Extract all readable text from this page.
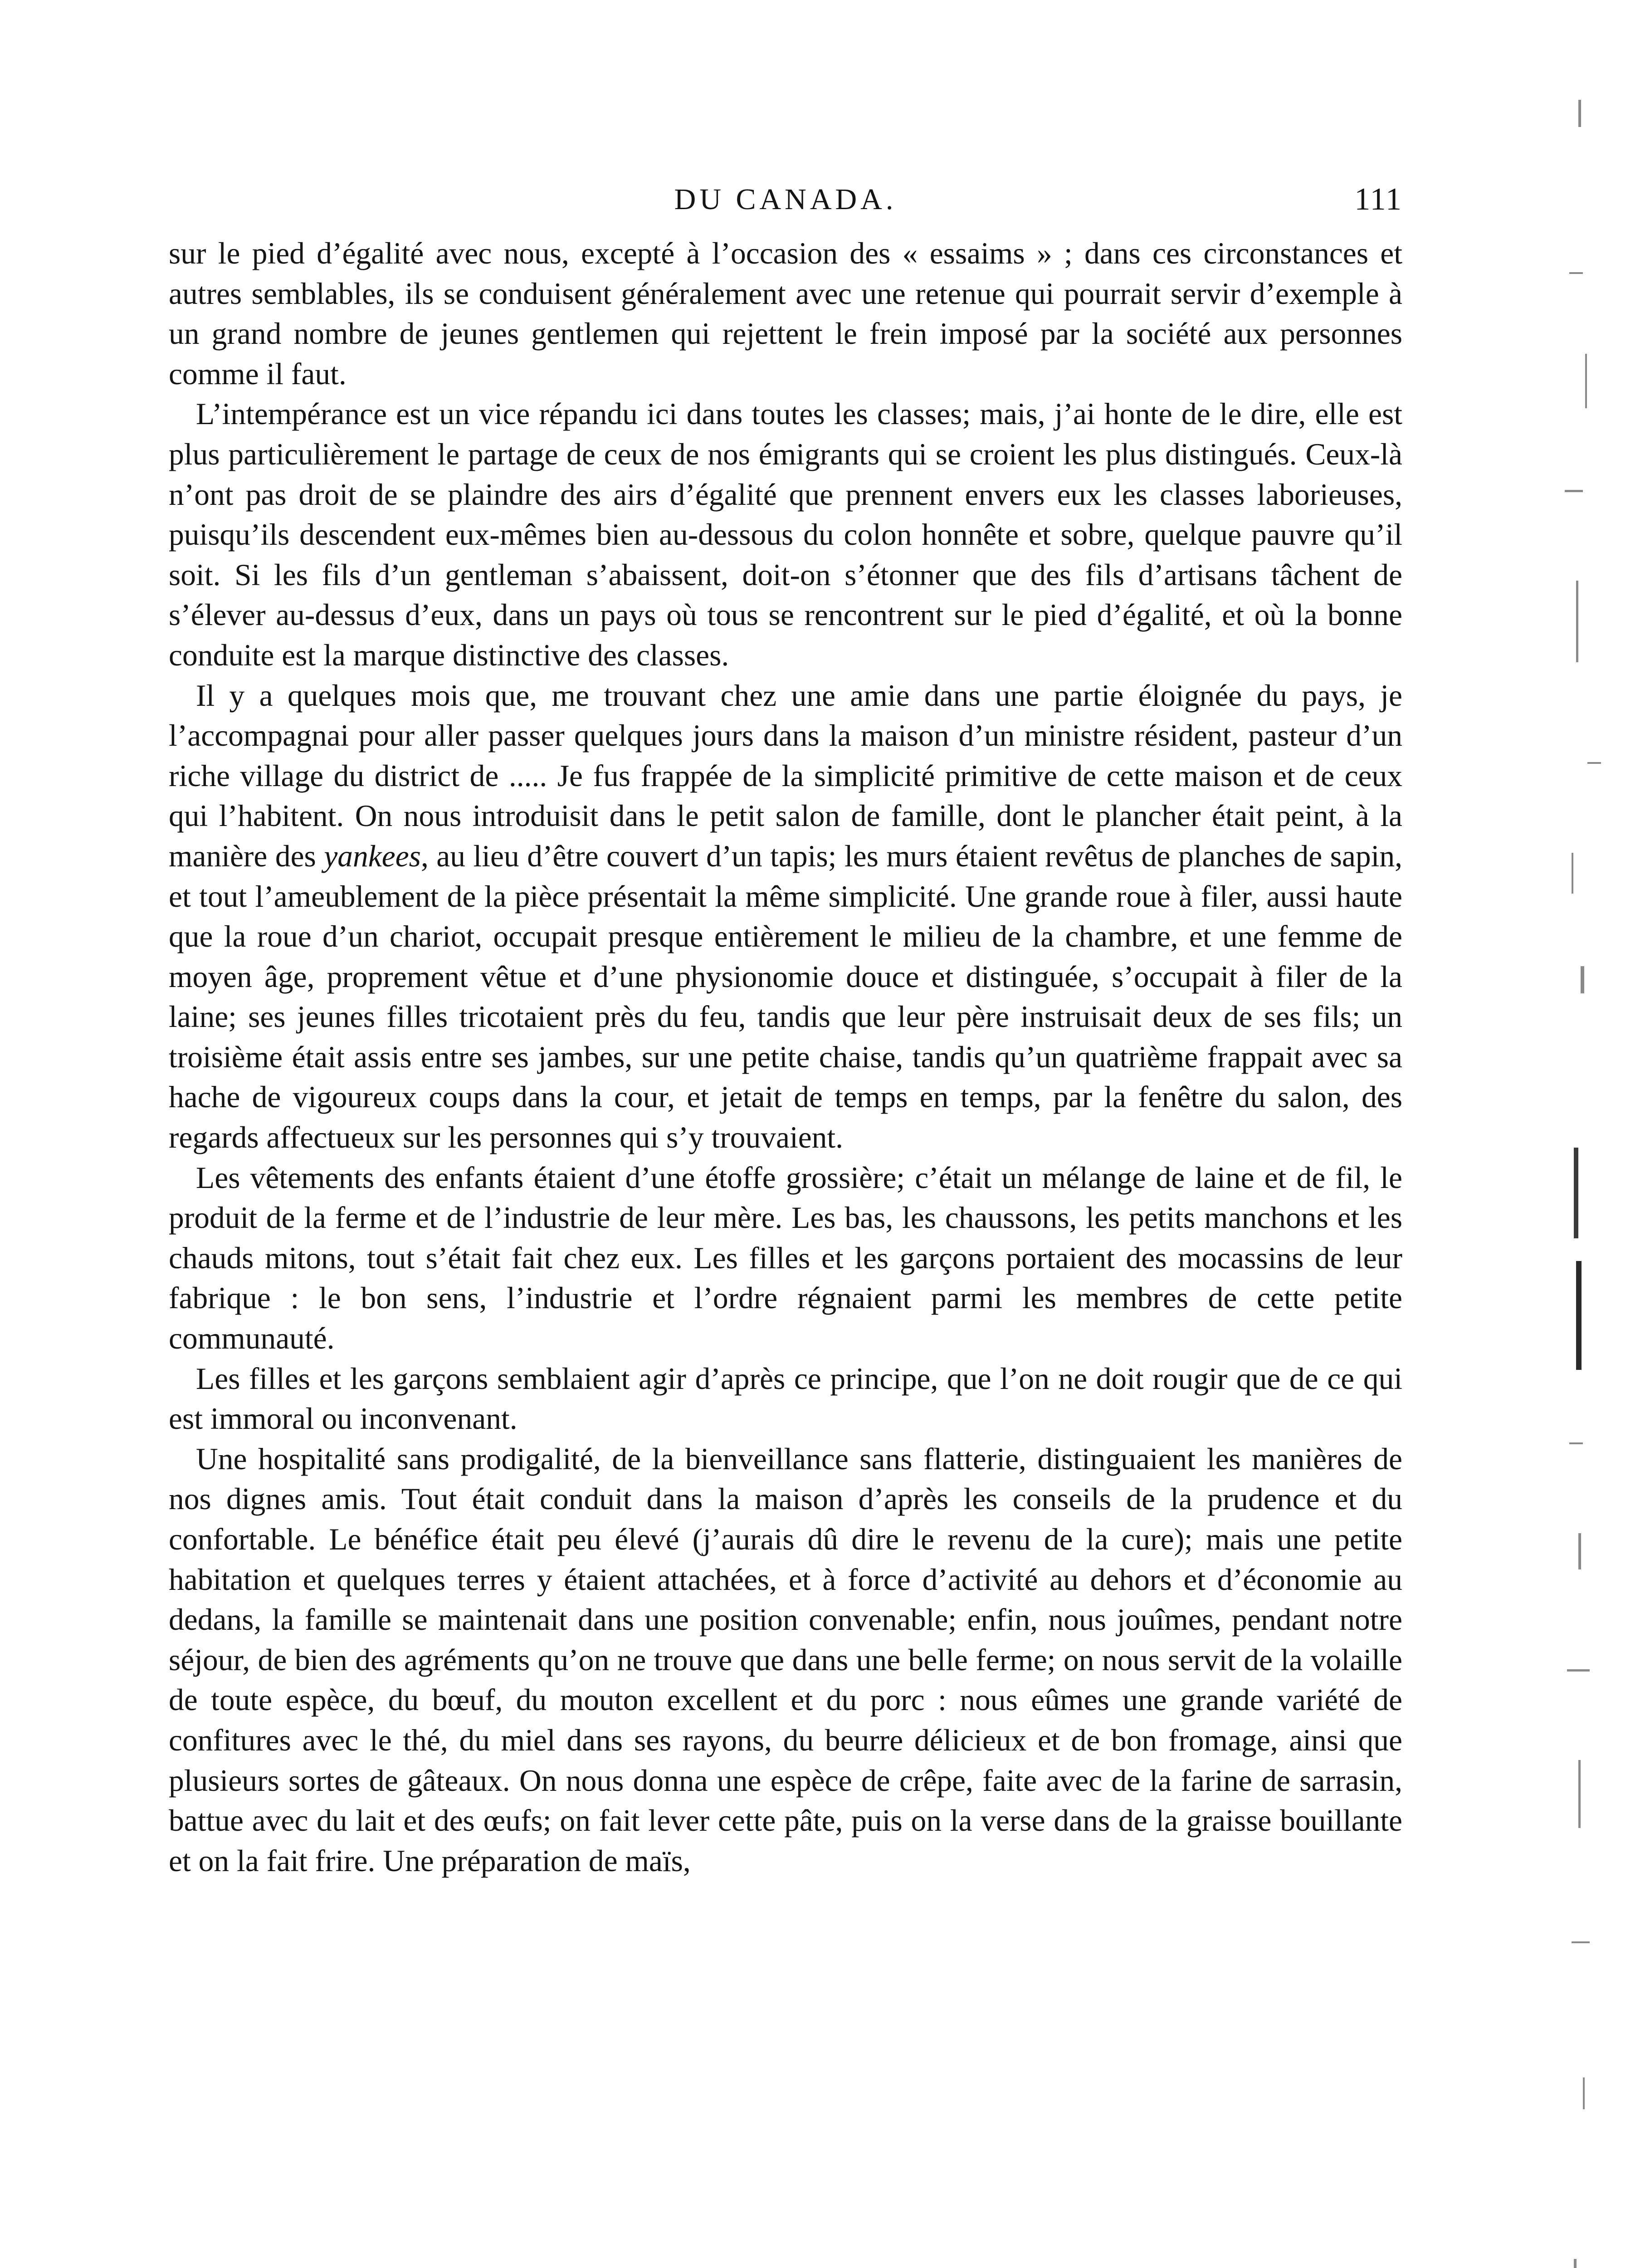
DU CANADA.	111

sur le pied d’égalité avec nous, excepté à l’occasion des « essaims » ; dans ces circonstances et autres semblables, ils se conduisent généralement avec une retenue qui pourrait servir d’exemple à un grand nombre de jeunes gentlemen qui rejettent le frein imposé par la société aux personnes comme il faut.

L’intempérance est un vice répandu ici dans toutes les classes; mais, j’ai honte de le dire, elle est plus particulièrement le partage de ceux de nos émigrants qui se croient les plus distingués. Ceux-là n’ont pas droit de se plaindre des airs d’égalité que prennent envers eux les classes laborieuses, puisqu’ils descendent eux-mêmes bien au-dessous du colon honnête et sobre, quelque pauvre qu’il soit. Si les fils d’un gentleman s’abaissent, doit-on s’étonner que des fils d’artisans tâchent de s’élever au-dessus d’eux, dans un pays où tous se rencontrent sur le pied d’égalité, et où la bonne conduite est la marque distinctive des classes.

Il y a quelques mois que, me trouvant chez une amie dans une partie éloignée du pays, je l’accompagnai pour aller passer quelques jours dans la maison d’un ministre résident, pasteur d’un riche village du district de ..... Je fus frappée de la simplicité primitive de cette maison et de ceux qui l’habitent. On nous introduisit dans le petit salon de famille, dont le plancher était peint, à la manière des yankees, au lieu d’être couvert d’un tapis; les murs étaient revêtus de planches de sapin, et tout l’ameublement de la pièce présentait la même simplicité. Une grande roue à filer, aussi haute que la roue d’un chariot, occupait presque entièrement le milieu de la chambre, et une femme de moyen âge, proprement vêtue et d’une physionomie douce et distinguée, s’occupait à filer de la laine; ses jeunes filles tricotaient près du feu, tandis que leur père instruisait deux de ses fils; un troisième était assis entre ses jambes, sur une petite chaise, tandis qu’un quatrième frappait avec sa hache de vigoureux coups dans la cour, et jetait de temps en temps, par la fenêtre du salon, des regards affectueux sur les personnes qui s’y trouvaient.

Les vêtements des enfants étaient d’une étoffe grossière; c’était un mélange de laine et de fil, le produit de la ferme et de l’industrie de leur mère. Les bas, les chaussons, les petits manchons et les chauds mitons, tout s’était fait chez eux. Les filles et les garçons portaient des mocassins de leur fabrique : le bon sens, l’industrie et l’ordre régnaient parmi les membres de cette petite communauté.

Les filles et les garçons semblaient agir d’après ce principe, que l’on ne doit rougir que de ce qui est immoral ou inconvenant.

Une hospitalité sans prodigalité, de la bienveillance sans flatterie, distinguaient les manières de nos dignes amis. Tout était conduit dans la maison d’après les conseils de la prudence et du confortable. Le bénéfice était peu élevé (j’aurais dû dire le revenu de la cure); mais une petite habitation et quelques terres y étaient attachées, et à force d’activité au dehors et d’économie au dedans, la famille se maintenait dans une position convenable; enfin, nous jouîmes, pendant notre séjour, de bien des agréments qu’on ne trouve que dans une belle ferme; on nous servit de la volaille de toute espèce, du bœuf, du mouton excellent et du porc : nous eûmes une grande variété de confitures avec le thé, du miel dans ses rayons, du beurre délicieux et de bon fromage, ainsi que plusieurs sortes de gâteaux. On nous donna une espèce de crêpe, faite avec de la farine de sarrasin, battue avec du lait et des œufs; on fait lever cette pâte, puis on la verse dans de la graisse bouillante et on la fait frire. Une préparation de maïs,
